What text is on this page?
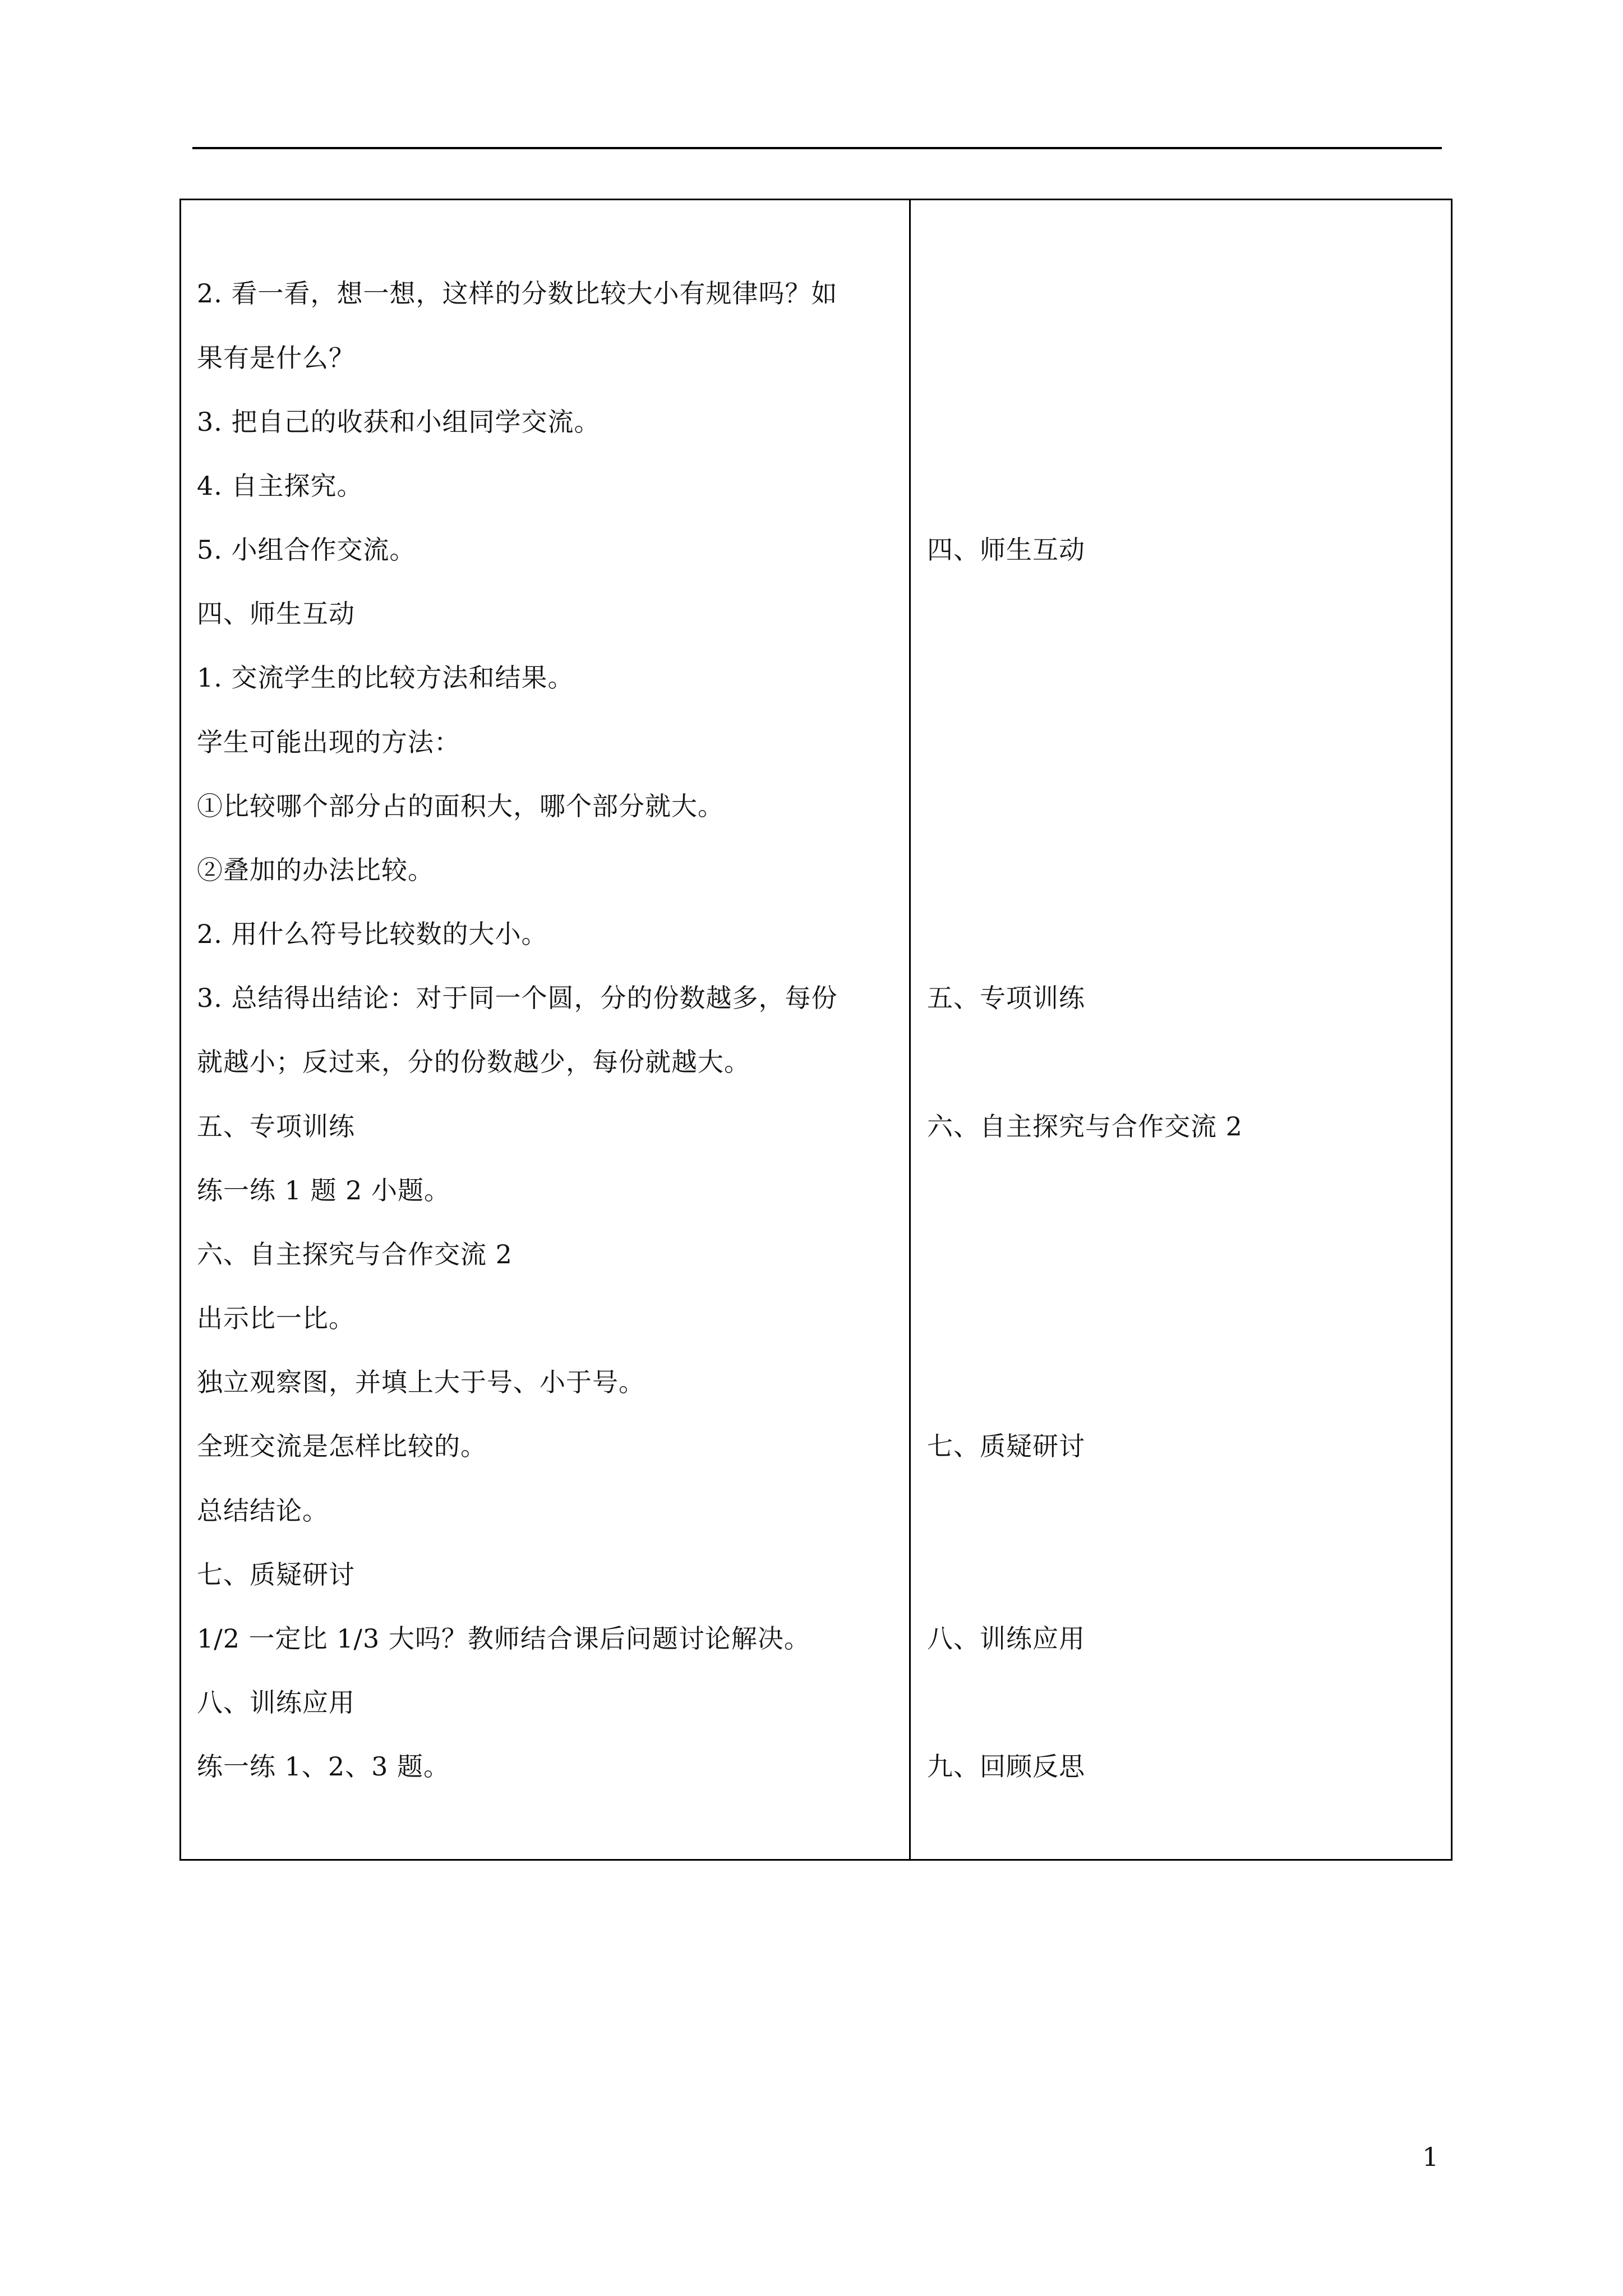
2. 看一看，想一想，这样的分数比较大小有规律吗？如
果有是什么？
3. 把自己的收获和小组同学交流。
4. 自主探究。
5. 小组合作交流。
四、师生互动
1. 交流学生的比较方法和结果。
学生可能出现的方法：
①比较哪个部分占的面积大，哪个部分就大。
②叠加的办法比较。
2. 用什么符号比较数的大小。
3. 总结得出结论：对于同一个圆，分的份数越多，每份
就越小；反过来，分的份数越少，每份就越大。
五、专项训练
练一练 1 题 2 小题。
六、自主探究与合作交流 2
出示比一比。
独立观察图，并填上大于号、小于号。
全班交流是怎样比较的。
总结结论。
七、质疑研讨
1/2 一定比 1/3 大吗？教师结合课后问题讨论解决。
八、训练应用
练一练 1、2、3 题。
四、师生互动
五、专项训练
六、自主探究与合作交流 2
七、质疑研讨
八、训练应用
九、回顾反思
1
